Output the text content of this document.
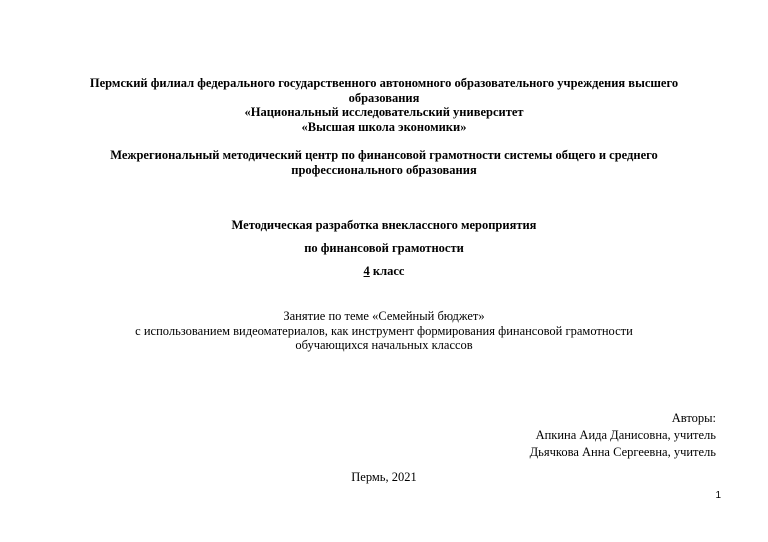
Пермский филиал федерального государственного автономного образовательного учреждения высшего
образования
«Национальный исследовательский университет
«Высшая школа экономики»
Межрегиональный методический центр по финансовой грамотности системы общего и среднего
профессионального образования
Методическая разработка внеклассного мероприятия
по финансовой грамотности
4 класс
Занятие по теме «Семейный бюджет»
с использованием видеоматериалов, как инструмент формирования финансовой грамотности
обучающихся начальных классов
Авторы:
Апкина Аида Данисовна, учитель
Дьячкова Анна Сергеевна, учитель
Пермь, 2021
1
